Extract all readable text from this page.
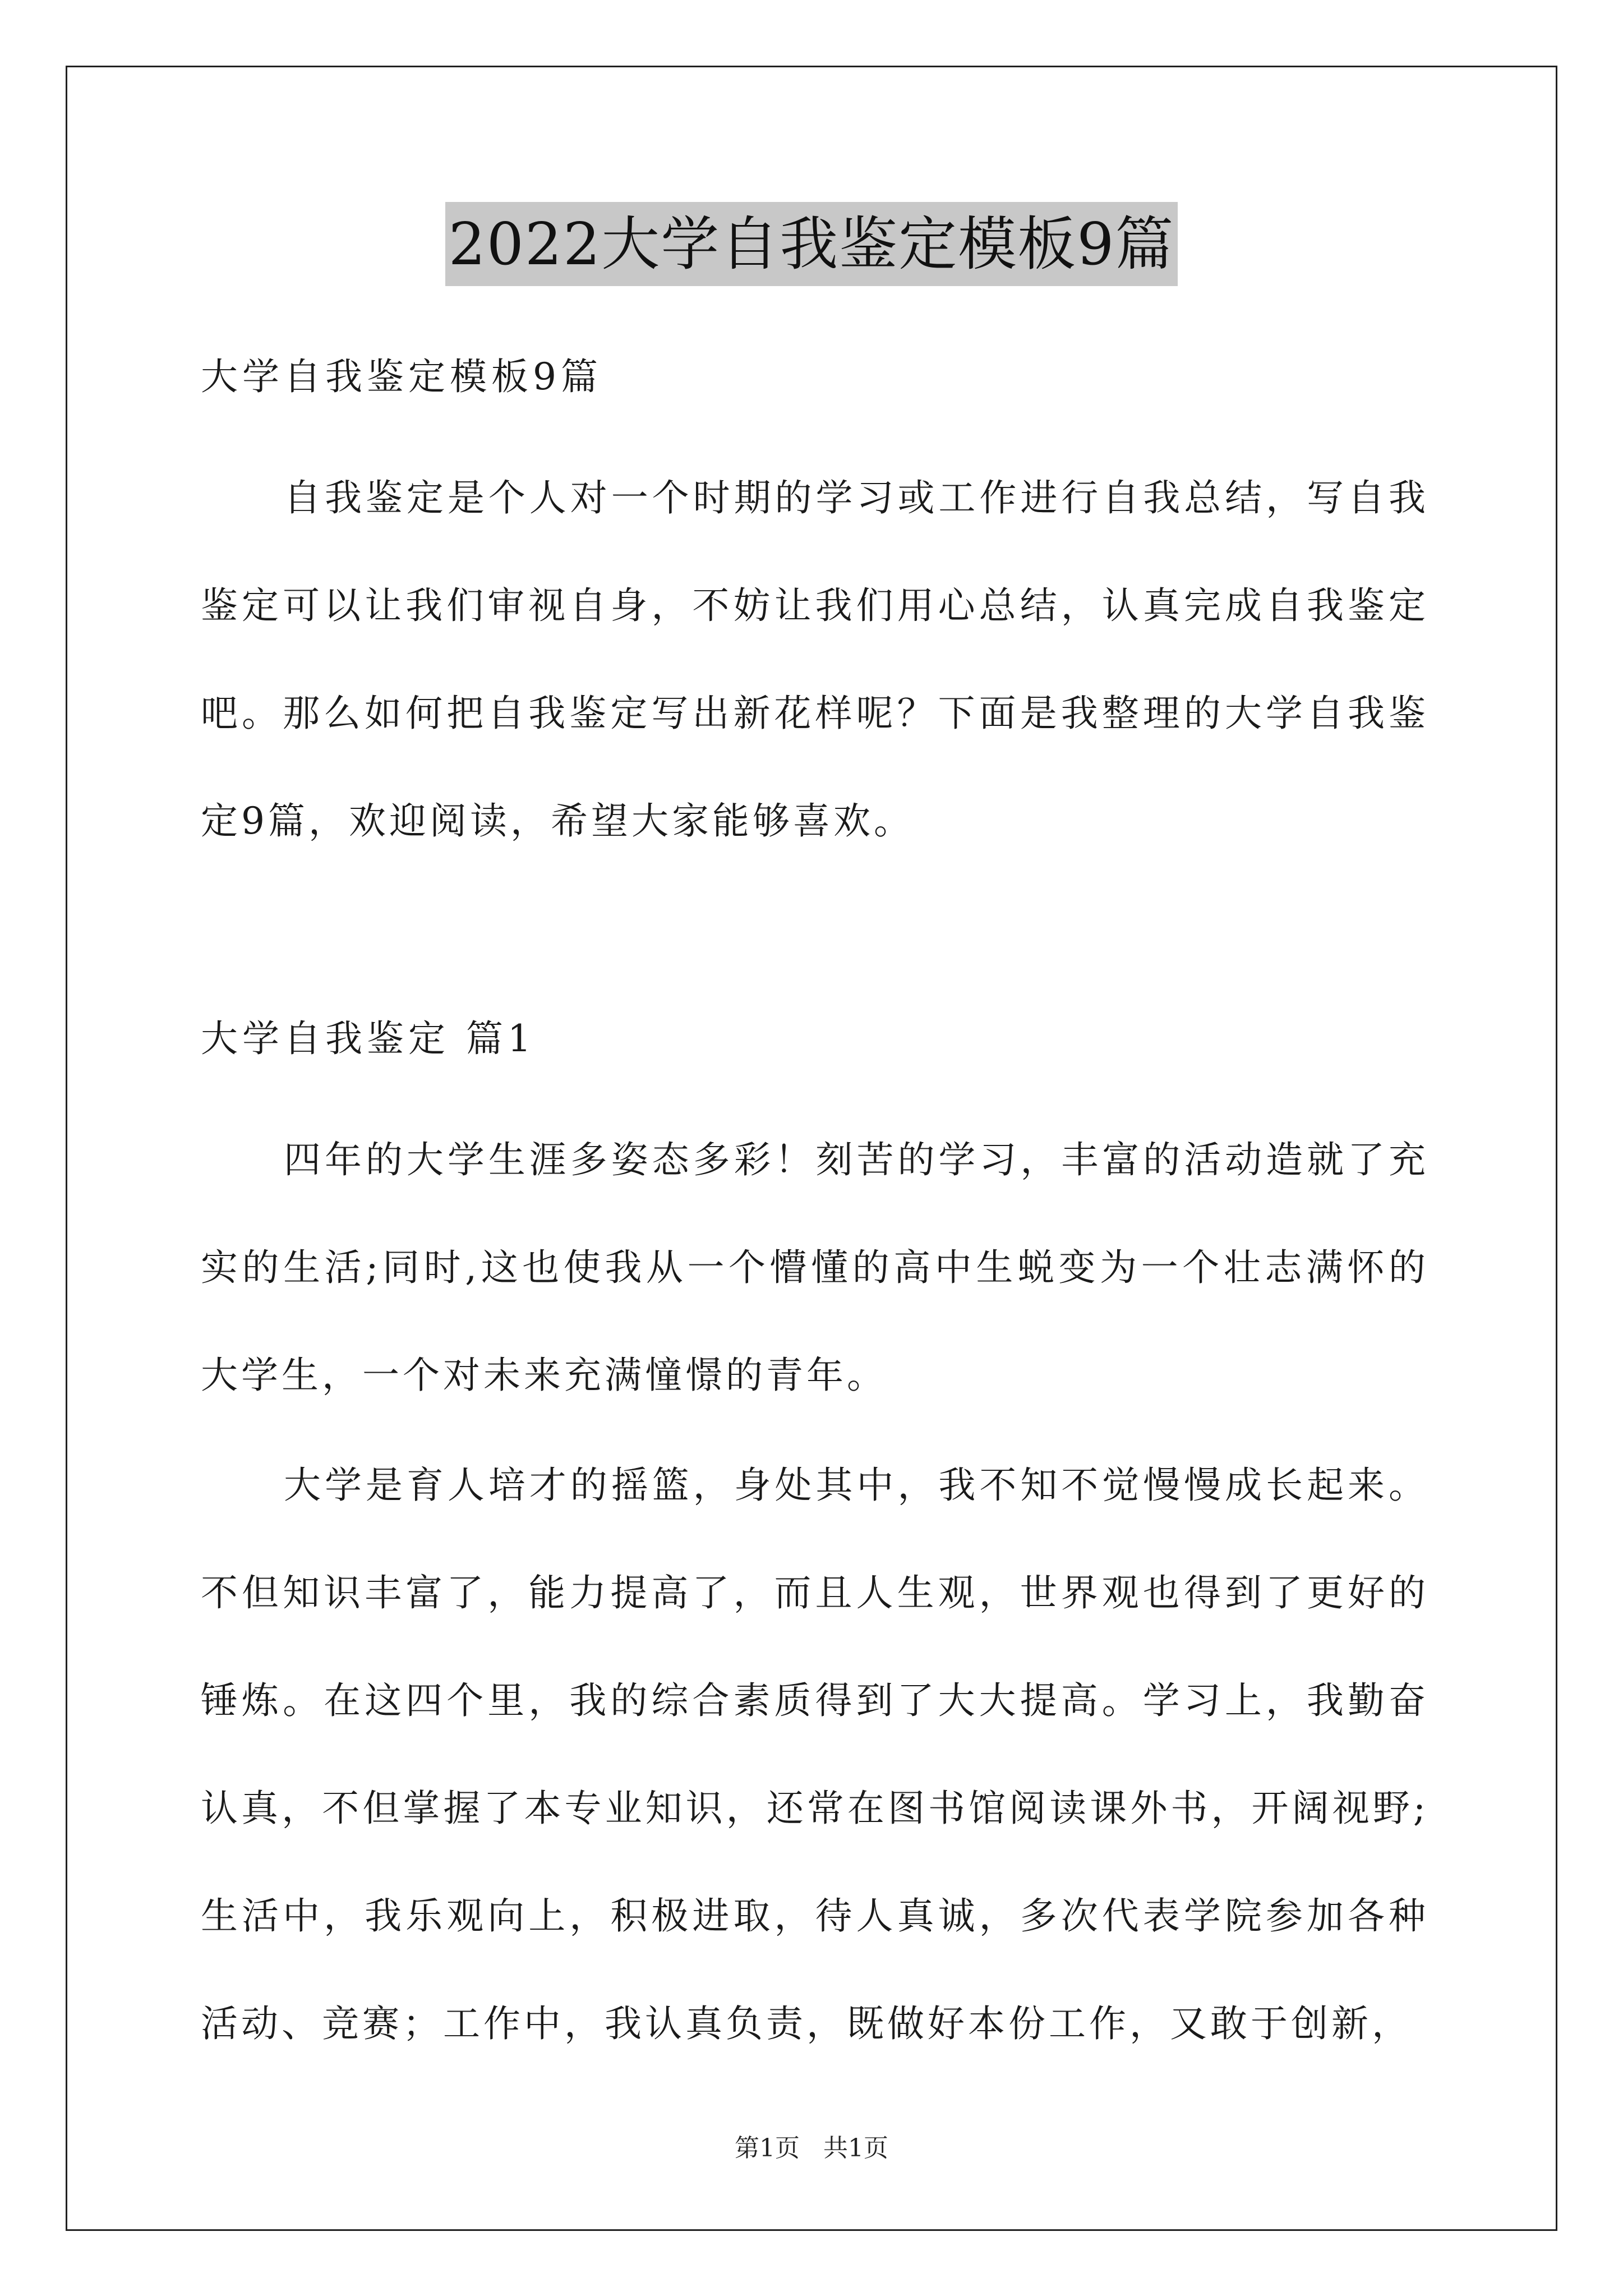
2022大学自我鉴定模板9篇

大学自我鉴定模板9篇

自我鉴定是个人对一个时期的学习或工作进行自我总结，写自我鉴定可以让我们审视自身，不妨让我们用心总结，认真完成自我鉴定吧。那么如何把自我鉴定写出新花样呢？下面是我整理的大学自我鉴定9篇，欢迎阅读，希望大家能够喜欢。

大学自我鉴定 篇1

四年的大学生涯多姿态多彩！刻苦的学习，丰富的活动造就了充实的生活;同时,这也使我从一个懵懂的高中生蜕变为一个壮志满怀的大学生，一个对未来充满憧憬的青年。

大学是育人培才的摇篮，身处其中，我不知不觉慢慢成长起来。不但知识丰富了，能力提高了，而且人生观，世界观也得到了更好的锤炼。在这四个里，我的综合素质得到了大大提高。学习上，我勤奋认真，不但掌握了本专业知识，还常在图书馆阅读课外书，开阔视野;生活中，我乐观向上，积极进取，待人真诚，多次代表学院参加各种活动、竞赛；工作中，我认真负责，既做好本份工作，又敢于创新，

第1页 共1页
